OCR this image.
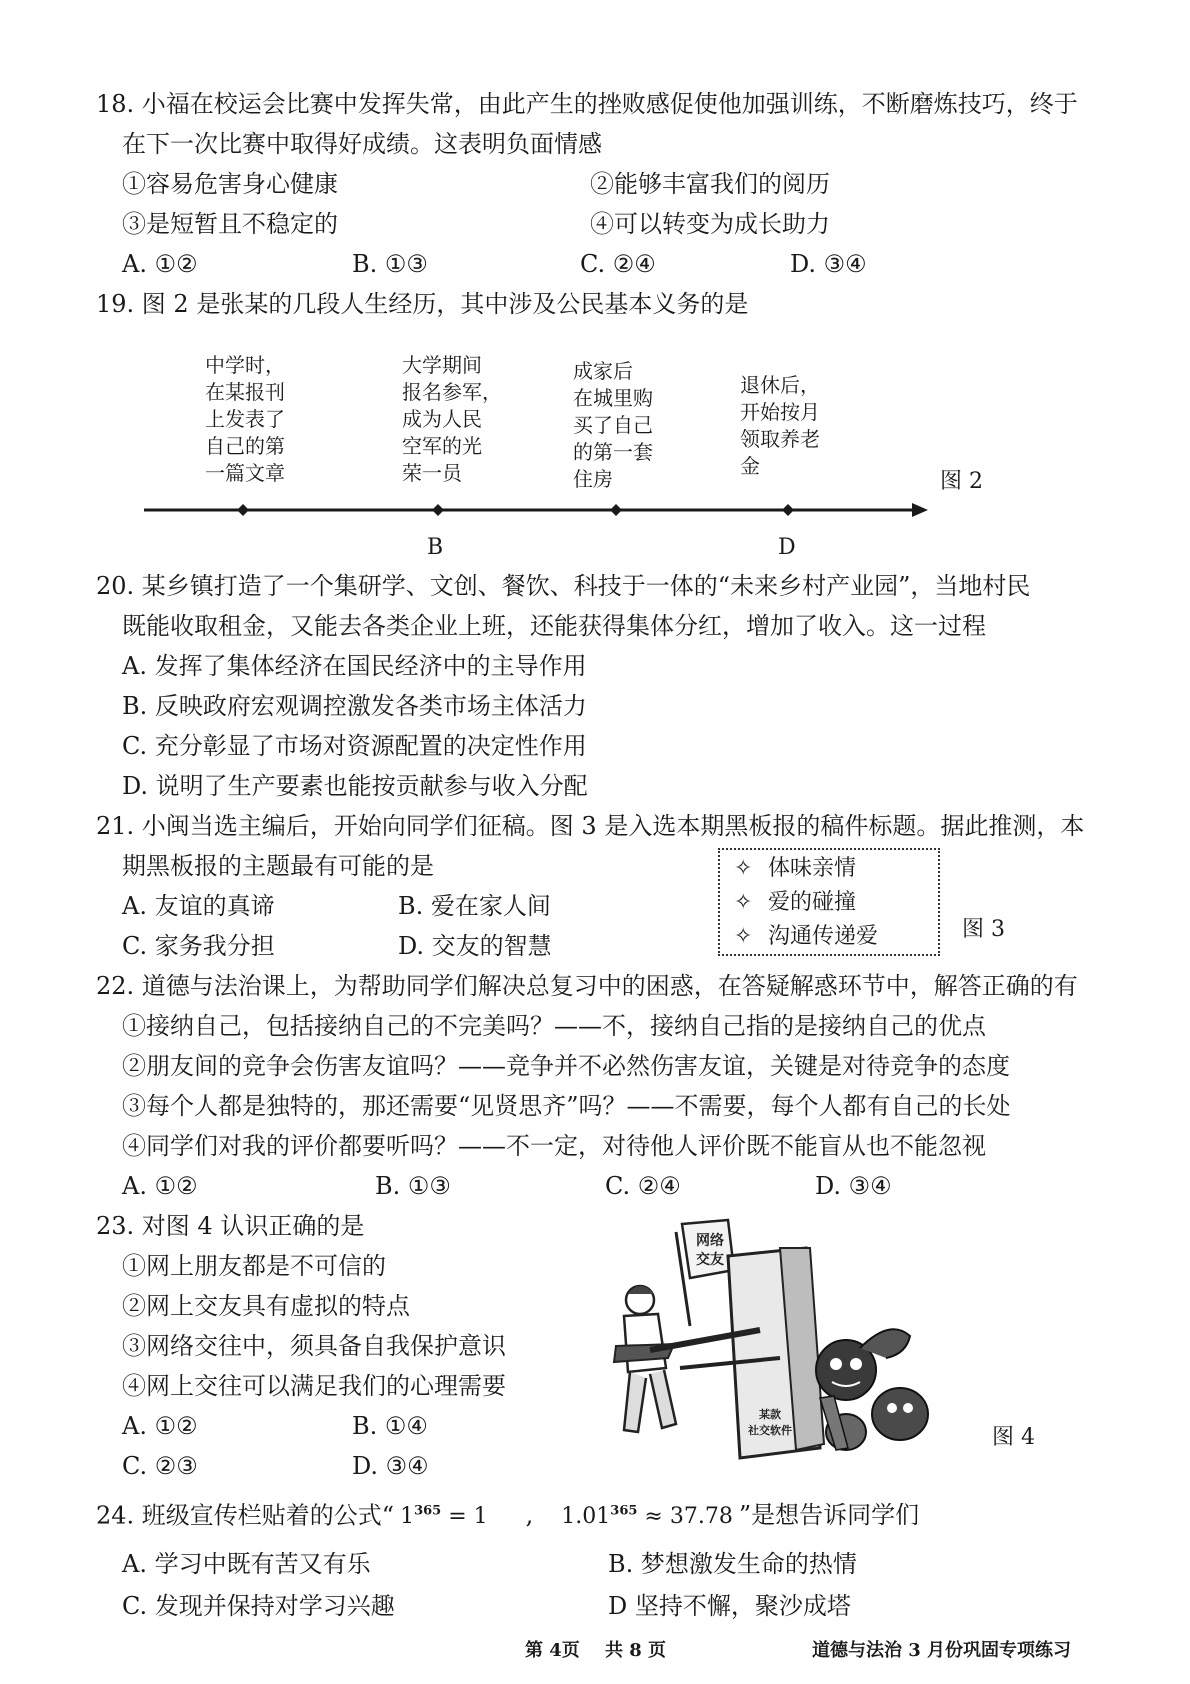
18. 小福在校运会比赛中发挥失常，由此产生的挫败感促使他加强训练，不断磨炼技巧，终于
在下一次比赛中取得好成绩。这表明负面情感
①容易危害身心健康	②能够丰富我们的阅历
③是短暂且不稳定的	④可以转变为成长助力
A. ①②	B. ①③	C. ②④	D. ③④
19. 图 2 是张某的几段人生经历，其中涉及公民基本义务的是
中学时，
在某报刊
上发表了
自己的第
一篇文章
大学期间
报名参军，
成为人民
空军的光
荣一员
成家后
在城里购
买了自己
的第一套
住房
退休后，
开始按月
领取养老
金
图 2
B	D
20. 某乡镇打造了一个集研学、文创、餐饮、科技于一体的“未来乡村产业园”，当地村民
既能收取租金，又能去各类企业上班，还能获得集体分红，增加了收入。这一过程
A. 发挥了集体经济在国民经济中的主导作用
B. 反映政府宏观调控激发各类市场主体活力
C. 充分彰显了市场对资源配置的决定性作用
D. 说明了生产要素也能按贡献参与收入分配
21. 小闽当选主编后，开始向同学们征稿。图 3 是入选本期黑板报的稿件标题。据此推测，本
期黑板报的主题最有可能的是
A. 友谊的真谛	B. 爱在家人间
C. 家务我分担	D. 交友的智慧
✧ 体味亲情
✧ 爱的碰撞
✧ 沟通传递爱	图 3
22. 道德与法治课上，为帮助同学们解决总复习中的困惑，在答疑解惑环节中，解答正确的有
①接纳自己，包括接纳自己的不完美吗？——不，接纳自己指的是接纳自己的优点
②朋友间的竞争会伤害友谊吗？——竞争并不必然伤害友谊，关键是对待竞争的态度
③每个人都是独特的，那还需要“见贤思齐”吗？——不需要，每个人都有自己的长处
④同学们对我的评价都要听吗？——不一定，对待他人评价既不能盲从也不能忽视
A. ①②	B. ①③	C. ②④	D. ③④
23. 对图 4 认识正确的是
①网上朋友都是不可信的
②网上交友具有虚拟的特点
③网络交往中，须具备自我保护意识
④网上交往可以满足我们的心理需要
A. ①②	B. ①④
C. ②③	D. ③④
网络
交友
某款
社交软件	图 4
24. 班级宣传栏贴着的公式“ $1^{365} = 1$ , $1.01^{365} \approx 37.78$ ”是想告诉同学们
A. 学习中既有苦又有乐	B. 梦想激发生命的热情
C. 发现并保持对学习兴趣	D 坚持不懈，聚沙成塔
第 4页 共 8 页	道德与法治 3 月份巩固专项练习
